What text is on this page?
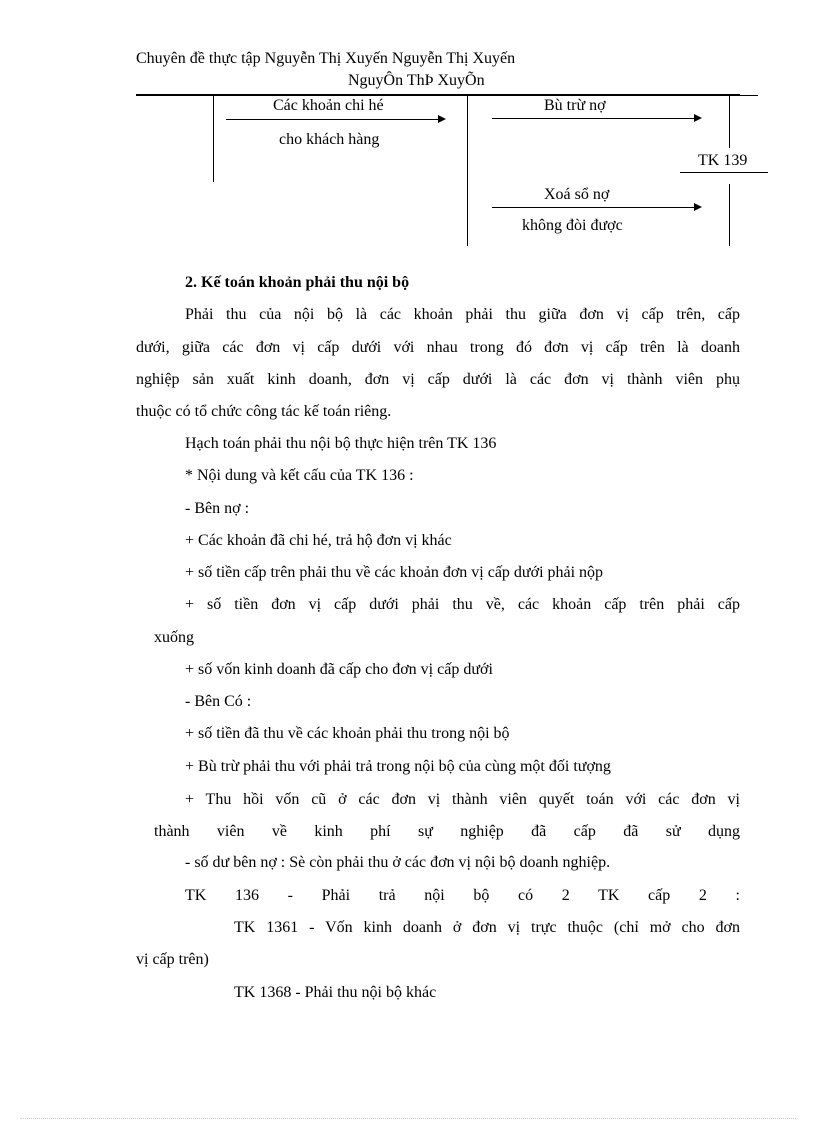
Chuyên đề thực tập Nguyễn Thị Xuyến Nguyễn Thị Xuyến
NguyÔn ThÞ XuyÕn
Các khoản chi hé
cho khách hàng
Bù trừ nợ
TK 139
Xoá sổ nợ
không đòi được
2. Kế toán khoản phải thu nội bộ
Phải thu của nội bộ là các khoản phải thu giữa đơn vị cấp trên, cấp
dưới, giữa các đơn vị cấp dưới với nhau trong đó đơn vị cấp trên là doanh
nghiệp sản xuất kinh doanh, đơn vị cấp dưới là các đơn vị thành viên phụ
thuộc có tổ chức công tác kế toán riêng.
Hạch toán phải thu nội bộ thực hiện trên TK 136
* Nội dung và kết cấu của TK 136 :
- Bên nợ :
+ Các khoản đã chi hé, trả hộ đơn vị khác
+ số tiền cấp trên phải thu về các khoản đơn vị cấp dưới phải nộp
+ số tiền đơn vị cấp dưới phải thu về, các khoản cấp trên phải cấp
xuống
+ số vốn kinh doanh đã cấp cho đơn vị cấp dưới
- Bên Có :
+ số tiền đã thu về các khoản phải thu trong nội bộ
+ Bù trừ phải thu với phải trả trong nội bộ của cùng một đối tượng
+ Thu hồi vốn cũ ở các đơn vị thành viên quyết toán với các đơn vị
thành viên về kinh phí sự nghiệp đã cấp đã sử dụng
- số dư bên nợ : Sè còn phải thu ở các đơn vị nội bộ doanh nghiệp.
TK 136 - Phải trả nội bộ có 2 TK cấp 2 :
TK 1361 - Vốn kinh doanh ở đơn vị trực thuộc (chỉ mở cho đơn
vị cấp trên)
TK 1368 - Phải thu nội bộ khác
